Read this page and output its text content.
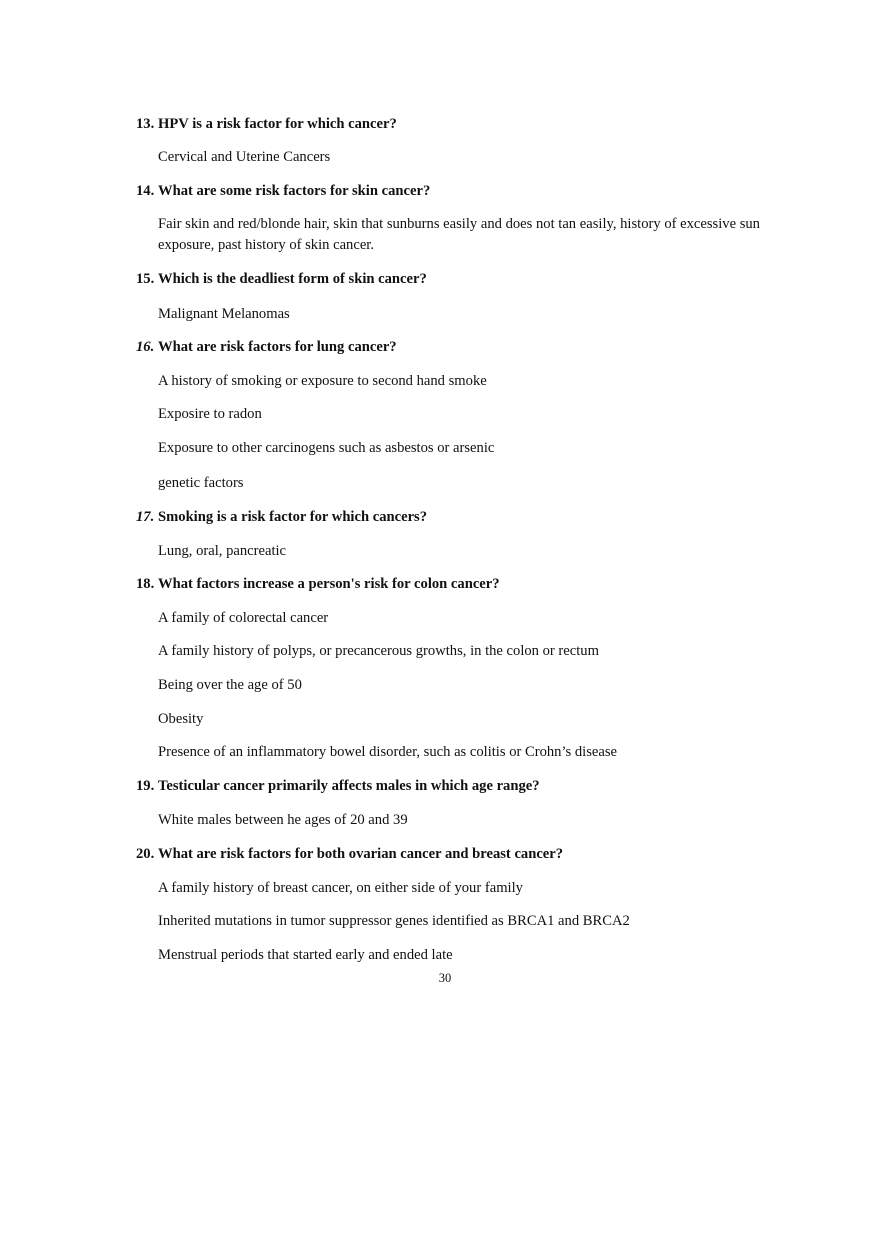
13. HPV is a risk factor for which cancer?
Cervical and Uterine Cancers
14. What are some risk factors for skin cancer?
Fair skin and red/blonde hair, skin that sunburns easily and does not tan easily, history of excessive sun exposure, past history of skin cancer.
15. Which is the deadliest form of skin cancer?
Malignant Melanomas
16. What are risk factors for lung cancer?
A history of smoking or exposure to second hand smoke
Exposire to radon
Exposure to other carcinogens such as asbestos or arsenic
genetic factors
17. Smoking is a risk factor for which cancers?
Lung, oral, pancreatic
18. What factors increase a person's risk for colon cancer?
A family of colorectal cancer
A family history of polyps, or precancerous growths, in the colon or rectum
Being over the age of 50
Obesity
Presence of an inflammatory bowel disorder, such as colitis or Crohn’s disease
19. Testicular cancer primarily affects males in which age range?
White males between he ages of 20 and 39
20. What are risk factors for both ovarian cancer and breast cancer?
A family history of breast cancer, on either side of your family
Inherited mutations in tumor suppressor genes identified as BRCA1 and BRCA2
Menstrual periods that started early and ended late
30
